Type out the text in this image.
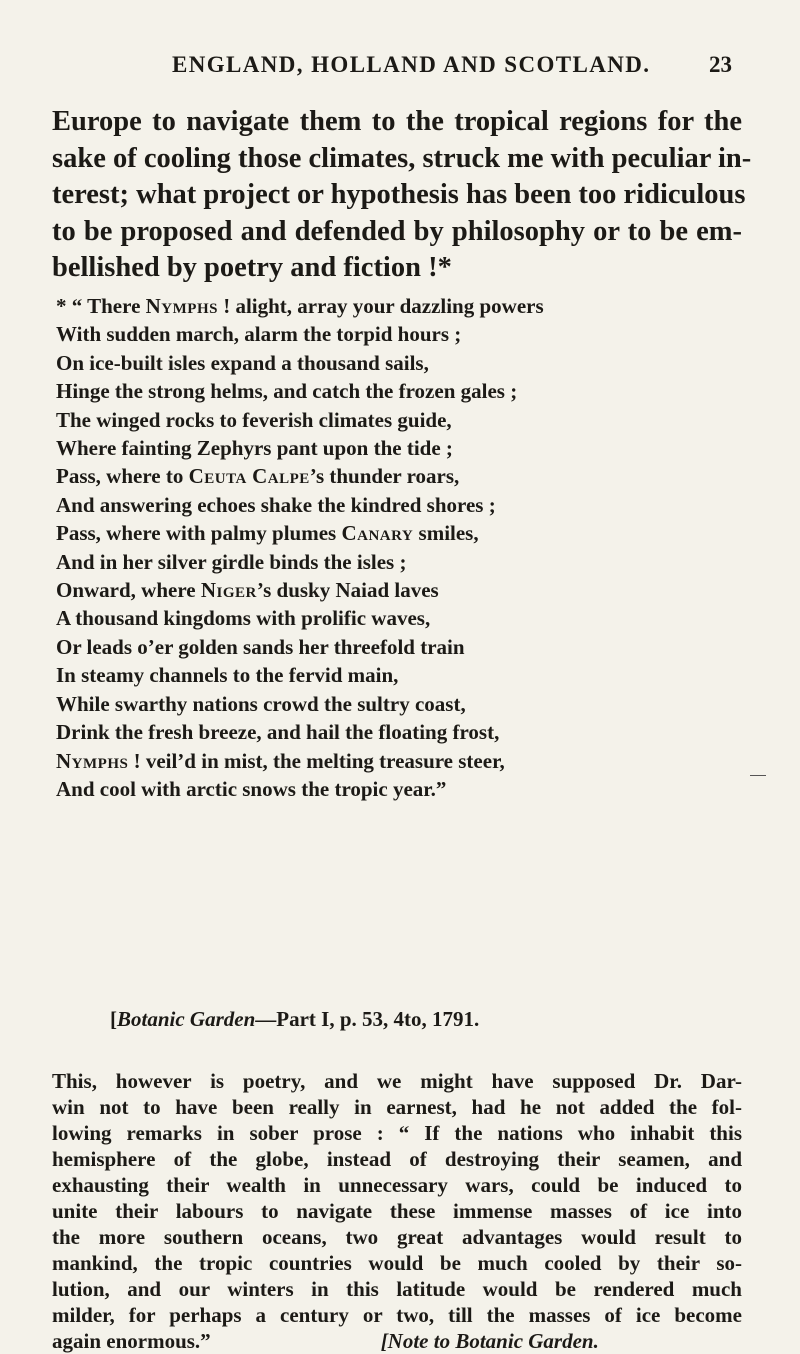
ENGLAND, HOLLAND AND SCOTLAND.	23
Europe to navigate them to the tropical regions for the
sake of cooling those climates, struck me with peculiar in-
terest; what project or hypothesis has been too ridiculous
to be proposed and defended by philosophy or to be em-
bellished by poetry and fiction !*
* “ There Nymphs ! alight, array your dazzling powers
With sudden march, alarm the torpid hours ;
On ice-built isles expand a thousand sails,
Hinge the strong helms, and catch the frozen gales ;
The winged rocks to feverish climates guide,
Where fainting Zephyrs pant upon the tide ;
Pass, where to Ceuta Calpe’s thunder roars,
And answering echoes shake the kindred shores ;
Pass, where with palmy plumes Canary smiles,
And in her silver girdle binds the isles ;
Onward, where Niger’s dusky Naiad laves
A thousand kingdoms with prolific waves,
Or leads o’er golden sands her threefold train
In steamy channels to the fervid main,
While swarthy nations crowd the sultry coast,
Drink the fresh breeze, and hail the floating frost,
Nymphs ! veil’d in mist, the melting treasure steer,
And cool with arctic snows the tropic year.”
[Botanic Garden—Part I, p. 53, 4to, 1791.
This, however is poetry, and we might have supposed Dr. Dar-
win not to have been really in earnest, had he not added the fol-
lowing remarks in sober prose : “ If the nations who inhabit this
hemisphere of the globe, instead of destroying their seamen, and
exhausting their wealth in unnecessary wars, could be induced to
unite their labours to navigate these immense masses of ice into
the more southern oceans, two great advantages would result to
mankind, the tropic countries would be much cooled by their so-
lution, and our winters in this latitude would be rendered much
milder, for perhaps a century or two, till the masses of ice become
again enormous.”	[Note to Botanic Garden.
